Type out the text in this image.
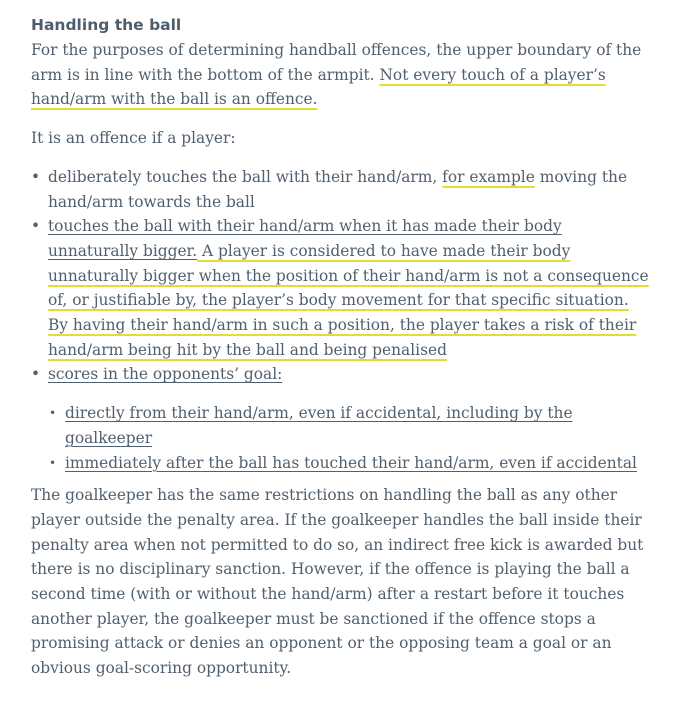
Handling the ball

For the purposes of determining handball offences, the upper boundary of the arm is in line with the bottom of the armpit. Not every touch of a player’s hand/arm with the ball is an offence.

It is an offence if a player:

• deliberately touches the ball with their hand/arm, for example moving the hand/arm towards the ball
• touches the ball with their hand/arm when it has made their body unnaturally bigger. A player is considered to have made their body unnaturally bigger when the position of their hand/arm is not a consequence of, or justifiable by, the player’s body movement for that specific situation. By having their hand/arm in such a position, the player takes a risk of their hand/arm being hit by the ball and being penalised
• scores in the opponents’ goal:
• directly from their hand/arm, even if accidental, including by the goalkeeper
• immediately after the ball has touched their hand/arm, even if accidental

The goalkeeper has the same restrictions on handling the ball as any other player outside the penalty area. If the goalkeeper handles the ball inside their penalty area when not permitted to do so, an indirect free kick is awarded but there is no disciplinary sanction. However, if the offence is playing the ball a second time (with or without the hand/arm) after a restart before it touches another player, the goalkeeper must be sanctioned if the offence stops a promising attack or denies an opponent or the opposing team a goal or an obvious goal-scoring opportunity.
